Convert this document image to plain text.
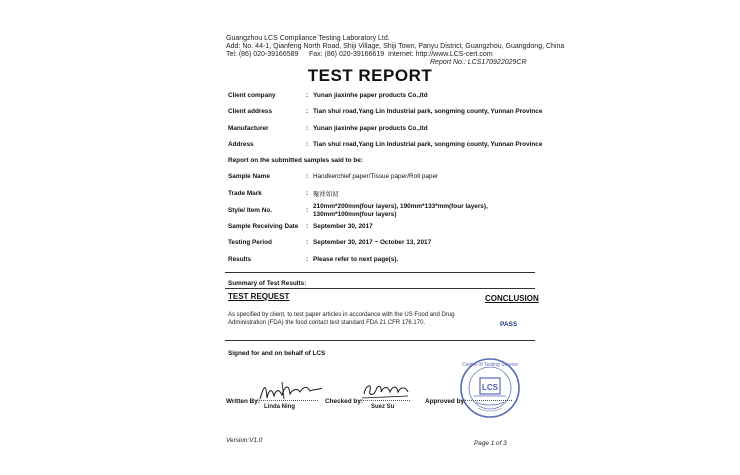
Guangzhou LCS Compliance Testing Laboratory Ltd.
Add: No. 44-1, Qianfeng North Road, Shiji Village, Shiji Town, Panyu District, Guangzhou, Guangdong, China
Tel: (86) 020-39166589 Fax: (86) 020-39166619 Internet: http://www.LCS-cert.com
Report No.: LCS170922029CR
TEST REPORT
Client company	: Yunan jiaxinhe paper products Co.,ltd
Client address	: Tian shui road,Yang Lin Industrial park, songming county, Yunnan Province
Manufacturer	: Yunan jiaxinhe paper products Co.,ltd
Address	: Tian shui road,Yang Lin Industrial park, songming county, Yunnan Province
Report on the submitted samples said to be:
Sample Name	: Handkerchief paper/Tissue paper/Roll paper
Trade Mark	: 聚祥如初
Style/ Item No.	:
210mm*200mm(four layers), 190mm*133*mm(four layers), 130mm*100mm(four layers)
Sample Receiving Date : September 30, 2017
Testing Period	: September 30, 2017 ~ October 13, 2017
Results	: Please refer to next page(s).
Summary of Test Results:
TEST REQUEST	CONCLUSION
As specified by client, to test paper articles in accordance with the US Food and Drug
Administration (FDA) the food contact test standard FDA 21 CFR 176.170.	PASS
Signed for and on behalf of LCS
Written By:
Linda Ning
Checked by:
Suez Su
Approved by:
Centre of Testing Service
LCS
Version:V1.0	Page 1 of 3
